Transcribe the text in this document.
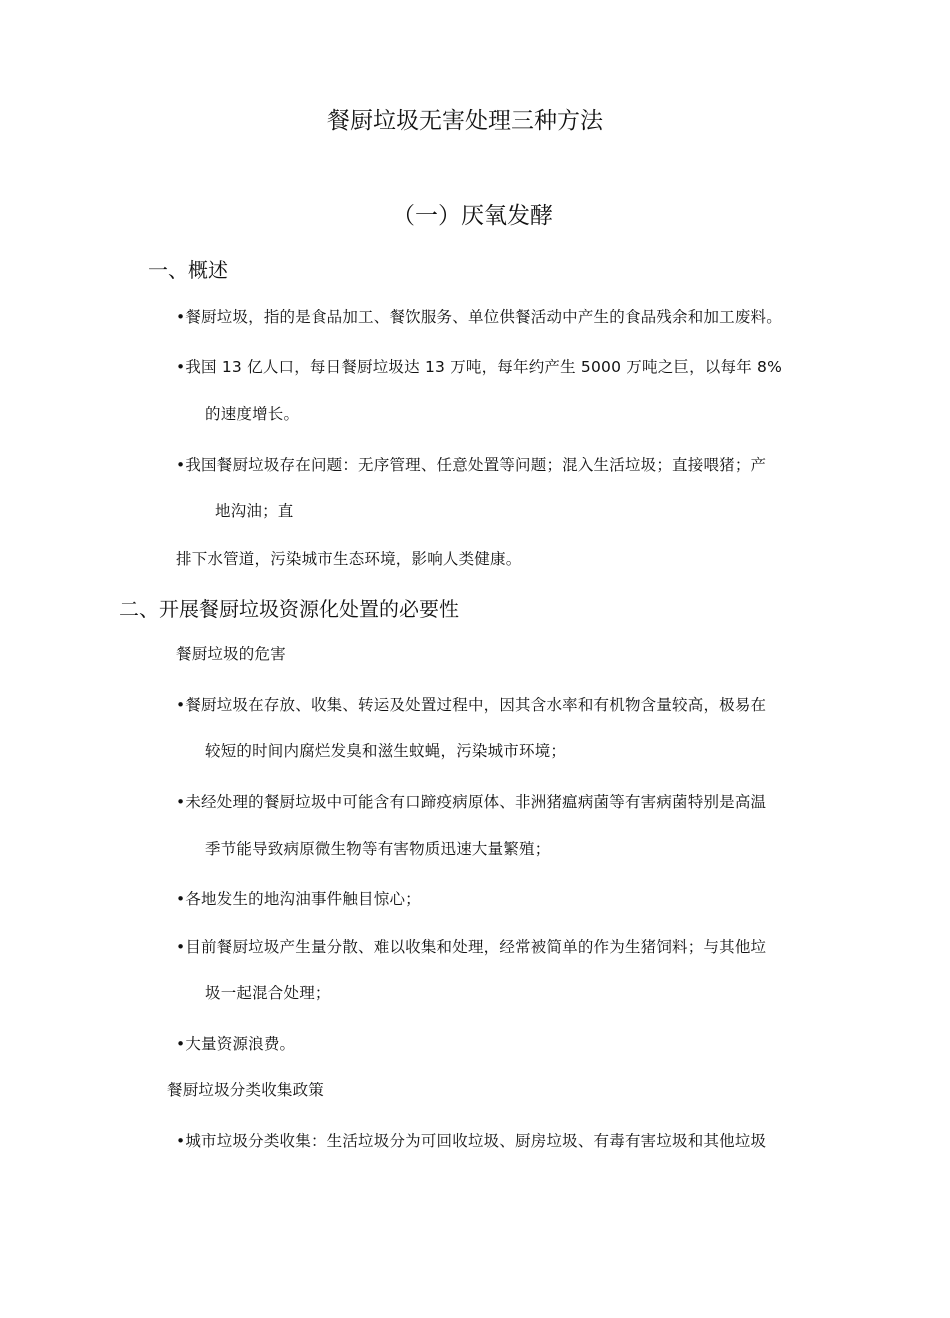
餐厨垃圾无害处理三种方法
（一）厌氧发酵
一、概述
•餐厨垃圾，指的是食品加工、餐饮服务、单位供餐活动中产生的食品残余和加工废料。
•我国 13 亿人口，每日餐厨垃圾达 13 万吨，每年约产生 5000 万吨之巨，以每年 8%
的速度增长。
•我国餐厨垃圾存在问题：无序管理、任意处置等问题；混入生活垃圾；直接喂猪；产
地沟油；直
排下水管道，污染城市生态环境，影响人类健康。
二、开展餐厨垃圾资源化处置的必要性
餐厨垃圾的危害
•餐厨垃圾在存放、收集、转运及处置过程中，因其含水率和有机物含量较高，极易在
较短的时间内腐烂发臭和滋生蚊蝇，污染城市环境；
•未经处理的餐厨垃圾中可能含有口蹄疫病原体、非洲猪瘟病菌等有害病菌特别是高温
季节能导致病原微生物等有害物质迅速大量繁殖；
•各地发生的地沟油事件触目惊心；
•目前餐厨垃圾产生量分散、难以收集和处理，经常被简单的作为生猪饲料；与其他垃
圾一起混合处理；
•大量资源浪费。
餐厨垃圾分类收集政策
•城市垃圾分类收集：生活垃圾分为可回收垃圾、厨房垃圾、有毒有害垃圾和其他垃圾
